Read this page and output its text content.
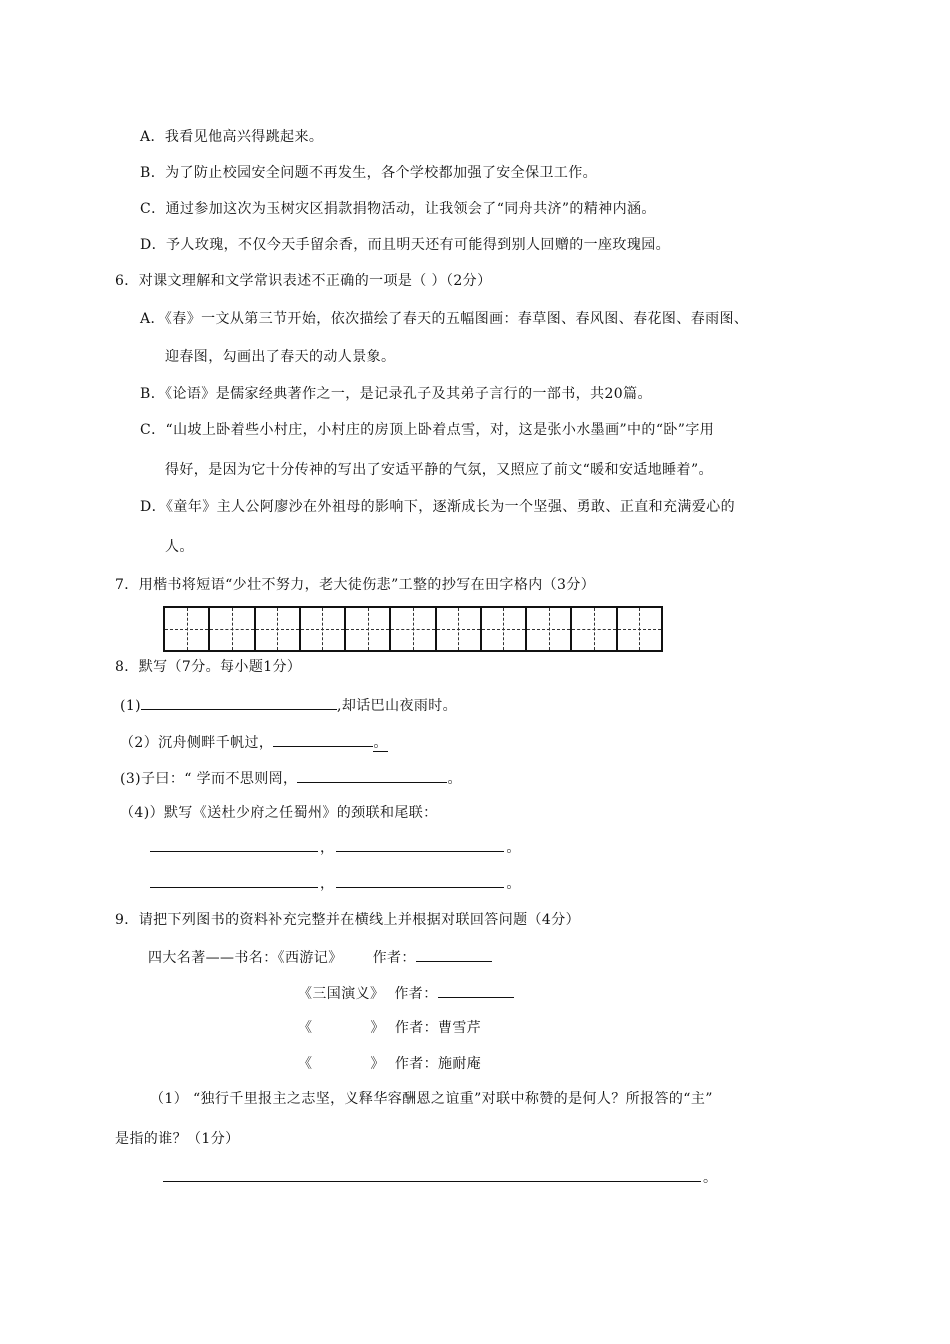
A．我看见他高兴得跳起来。
B．为了防止校园安全问题不再发生，各个学校都加强了安全保卫工作。
C．通过参加这次为玉树灾区捐款捐物活动，让我领会了“同舟共济”的精神内涵。
D．予人玫瑰，不仅今天手留余香，而且明天还有可能得到别人回赠的一座玫瑰园。
6．对课文理解和文学常识表述不正确的一项是（ ）（2分）
A．《春》一文从第三节开始，依次描绘了春天的五幅图画：春草图、春风图、春花图、春雨图、
迎春图，勾画出了春天的动人景象。
B．《论语》是儒家经典著作之一，是记录孔子及其弟子言行的一部书，共20篇。
C．“山坡上卧着些小村庄，小村庄的房顶上卧着点雪，对，这是张小水墨画”中的“卧”字用
得好，是因为它十分传神的写出了安适平静的气氛，又照应了前文“暖和安适地睡着”。
D．《童年》主人公阿廖沙在外祖母的影响下，逐渐成长为一个坚强、勇敢、正直和充满爱心的
人。
7．用楷书将短语“少壮不努力，老大徒伤悲”工整的抄写在田字格内（3分）
8．默写（7分。每小题1分）
(1)	,却话巴山夜雨时。
（2）沉舟侧畔千帆过，	。
(3)子曰：“ 学而不思则罔，	。
（4)）默写《送杜少府之任蜀州》的颈联和尾联：
，	。
，	。
9．请把下列图书的资料补充完整并在横线上并根据对联回答问题（4分）
四大名著——书名：《西游记》 作者：
《三国演义》 作者：
《	》 作者：曹雪芹
《	》 作者：施耐庵
（1） “独行千里报主之志坚，义释华容酬恩之谊重”对联中称赞的是何人？所报答的“主”
是指的谁？（1分）
。
